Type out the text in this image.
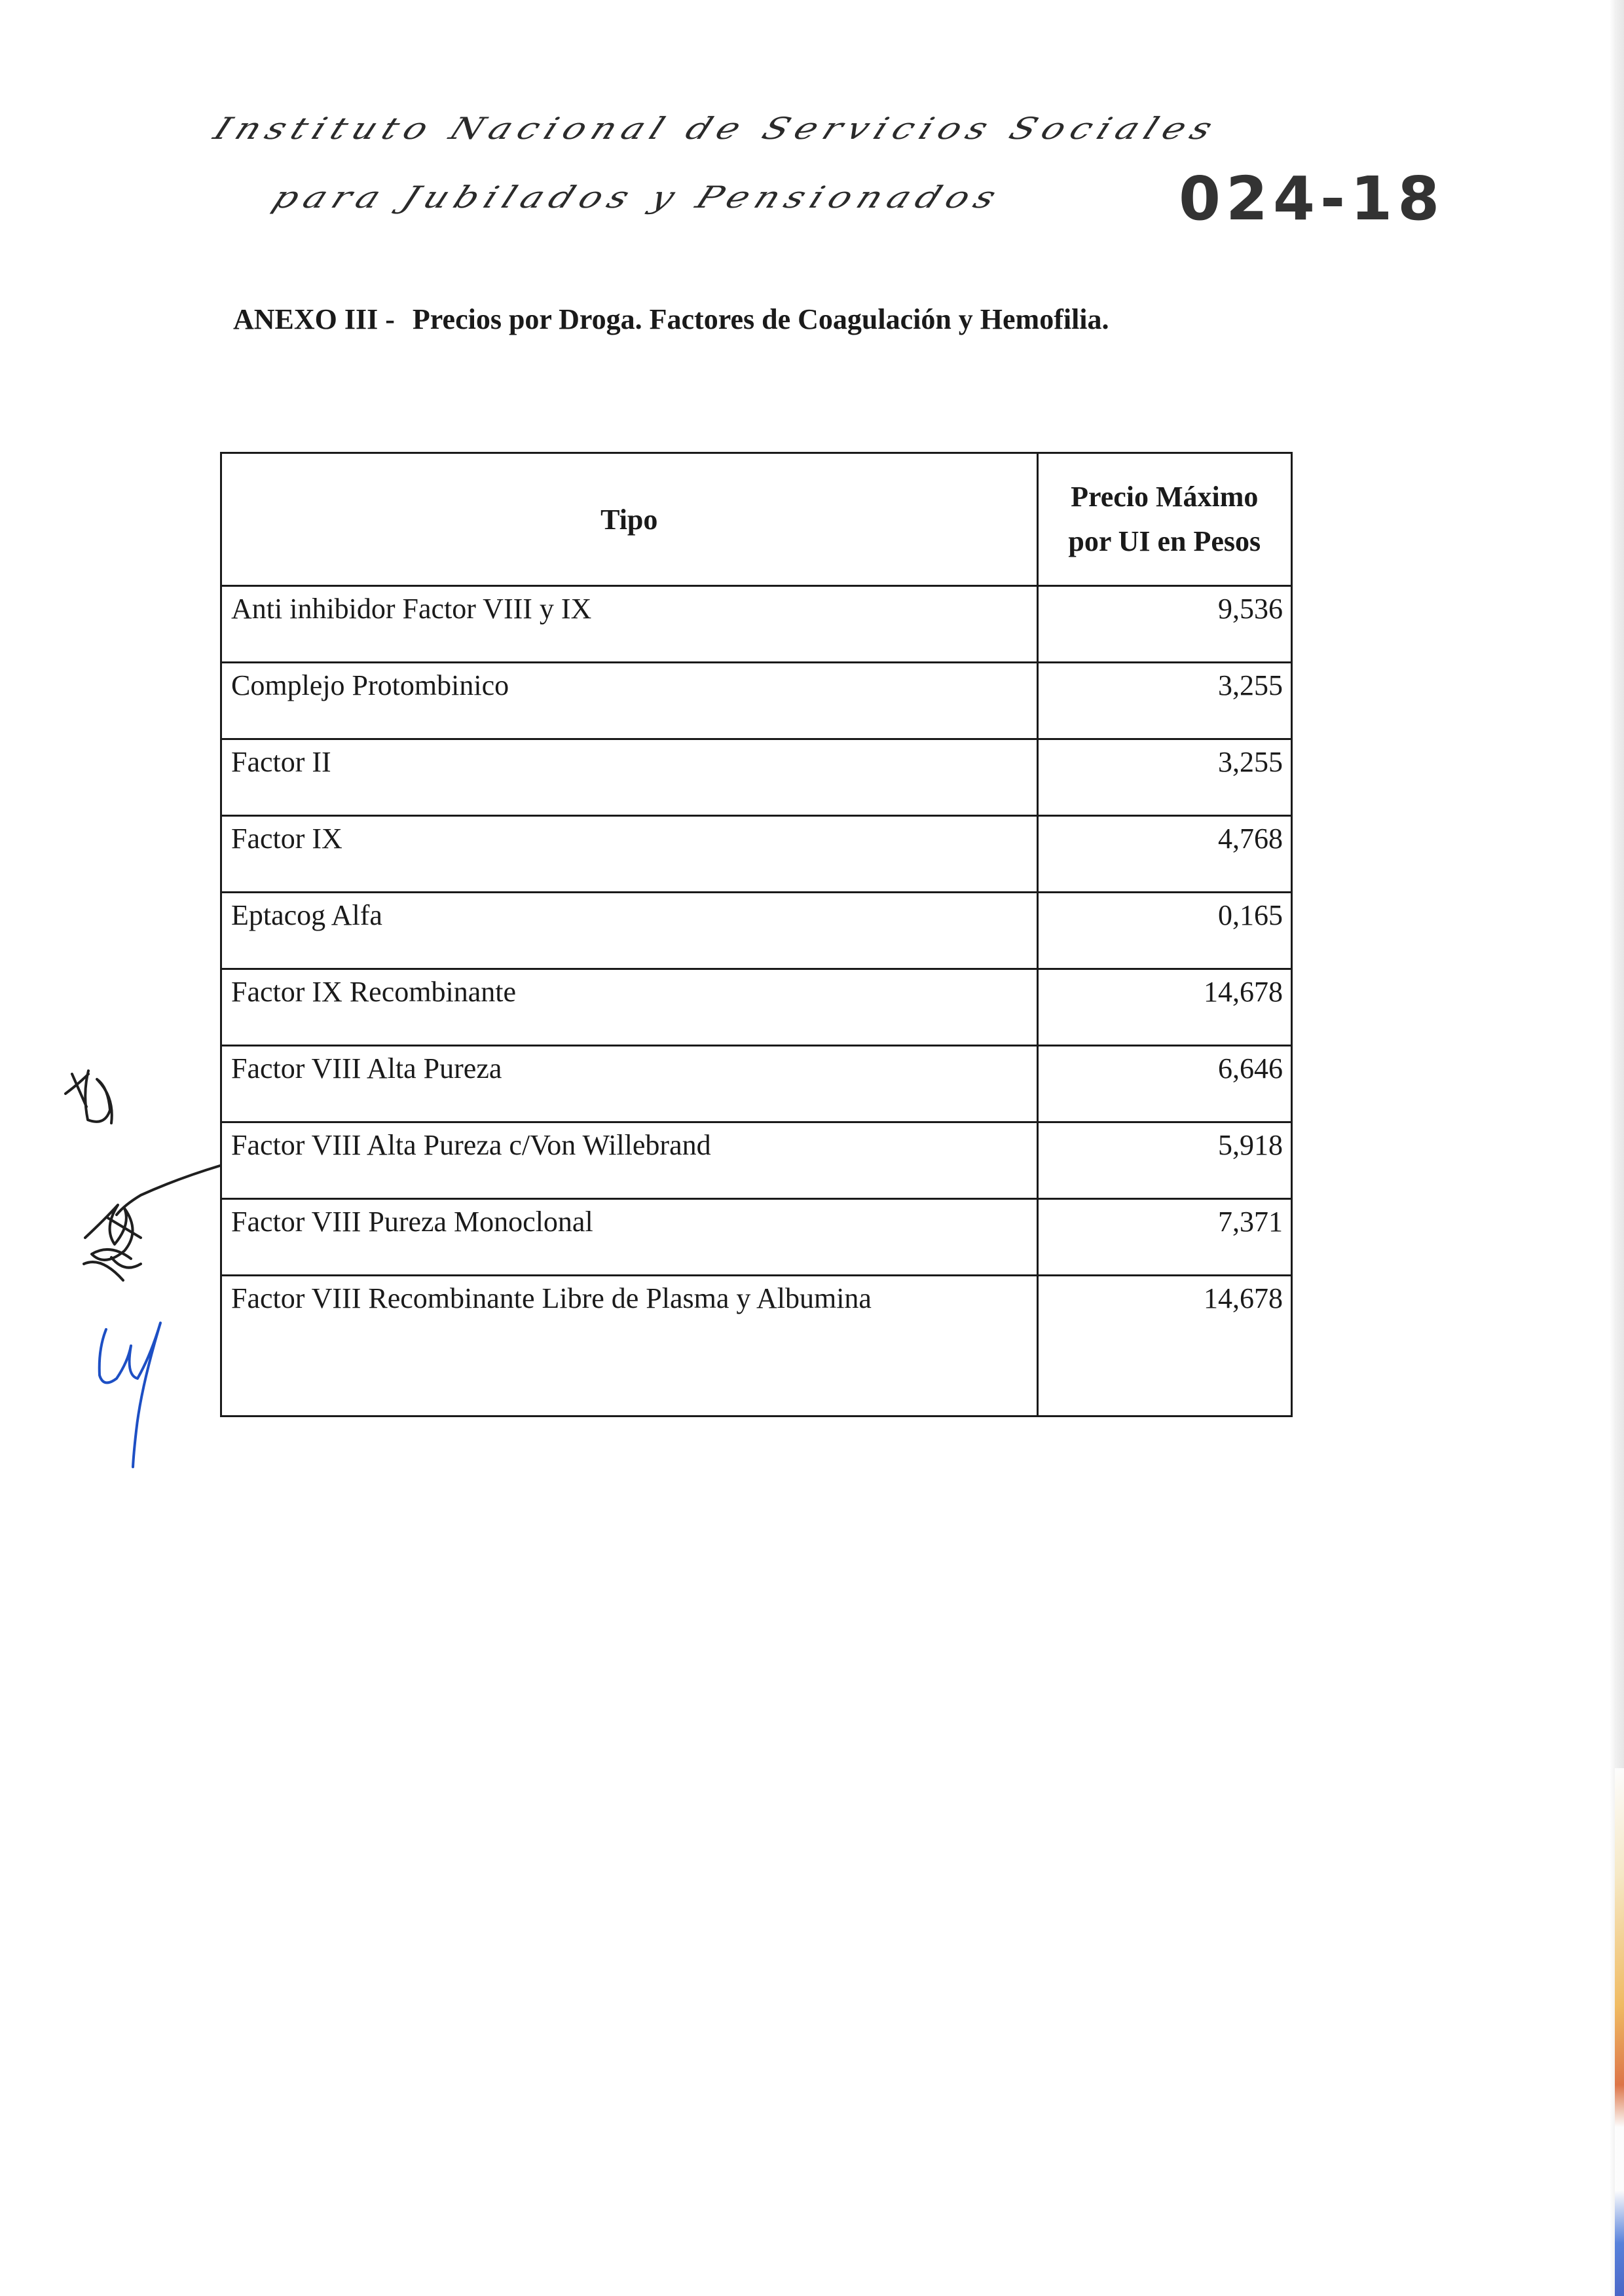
Instituto Nacional de Servicios Sociales
para Jubilados y Pensionados	024-18
ANEXO III - Precios por Droga. Factores de Coagulación y Hemofilia.
Tipo	Precio Máximo
por UI en Pesos
Anti inhibidor Factor VIII y IX	9,536
Complejo Protombinico	3,255
Factor II	3,255
Factor IX	4,768
Eptacog Alfa	0,165
Factor IX Recombinante	14,678
Factor VIII Alta Pureza	6,646
Factor VIII Alta Pureza c/Von Willebrand	5,918
Factor VIII Pureza Monoclonal	7,371
Factor VIII Recombinante Libre de Plasma y Albumina	14,678
